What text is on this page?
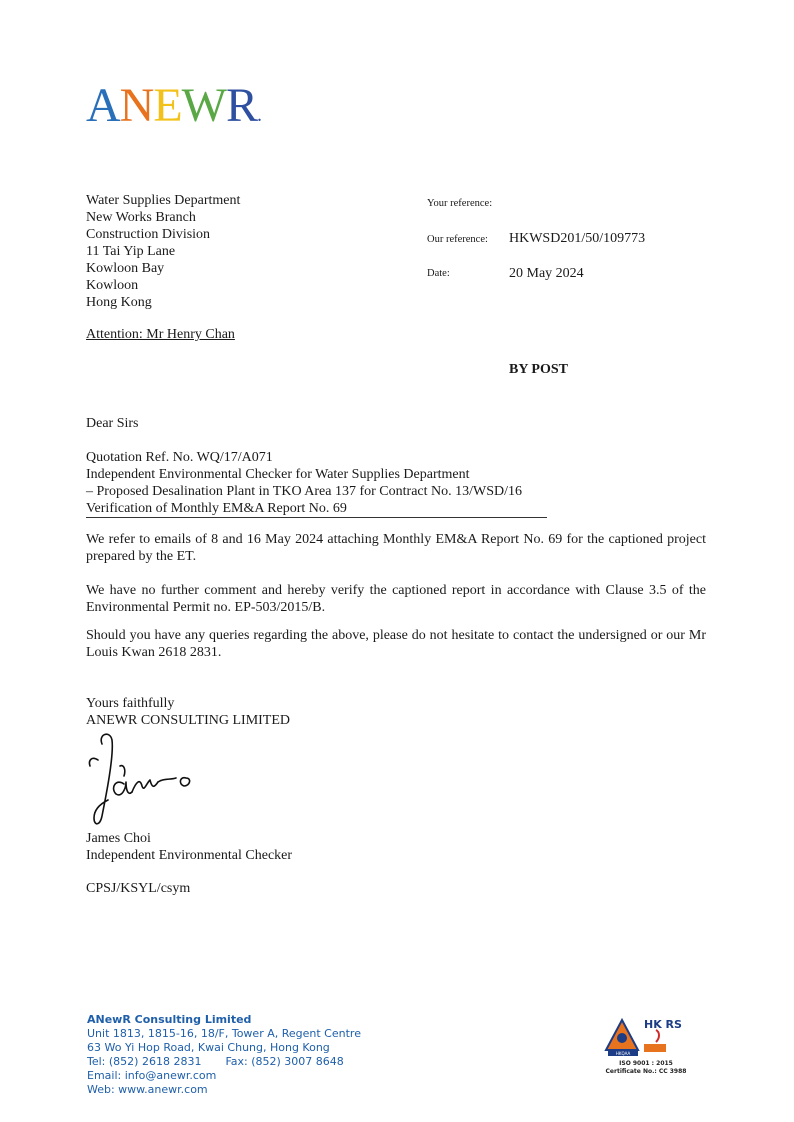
ANEWR.
Water Supplies Department
New Works Branch
Construction Division
11 Tai Yip Lane
Kowloon Bay
Kowloon
Hong Kong
Your reference:
Our reference: HKWSD201/50/109773
Date:	20 May 2024
Attention: Mr Henry Chan
BY POST
Dear Sirs
Quotation Ref. No. WQ/17/A071
Independent Environmental Checker for Water Supplies Department
– Proposed Desalination Plant in TKO Area 137 for Contract No. 13/WSD/16
Verification of Monthly EM&A Report No. 69
We refer to emails of 8 and 16 May 2024 attaching Monthly EM&A Report No. 69 for the captioned project prepared by the ET.
We have no further comment and hereby verify the captioned report in accordance with Clause 3.5 of the Environmental Permit no. EP-503/2015/B.
Should you have any queries regarding the above, please do not hesitate to contact the undersigned or our Mr Louis Kwan 2618 2831.
Yours faithfully
ANEWR CONSULTING LIMITED
James Choi
Independent Environmental Checker
CPSJ/KSYL/csym
ANewR Consulting Limited
Unit 1813, 1815-16, 18/F, Tower A, Regent Centre
63 Wo Yi Hop Road, Kwai Chung, Hong Kong
Tel: (852) 2618 2831 Fax: (852) 3007 8648
Email: info@anewr.com
Web: www.anewr.com
HKQAA
HK RS
ISO 9001 : 2015
Certificate No.: CC 3988
